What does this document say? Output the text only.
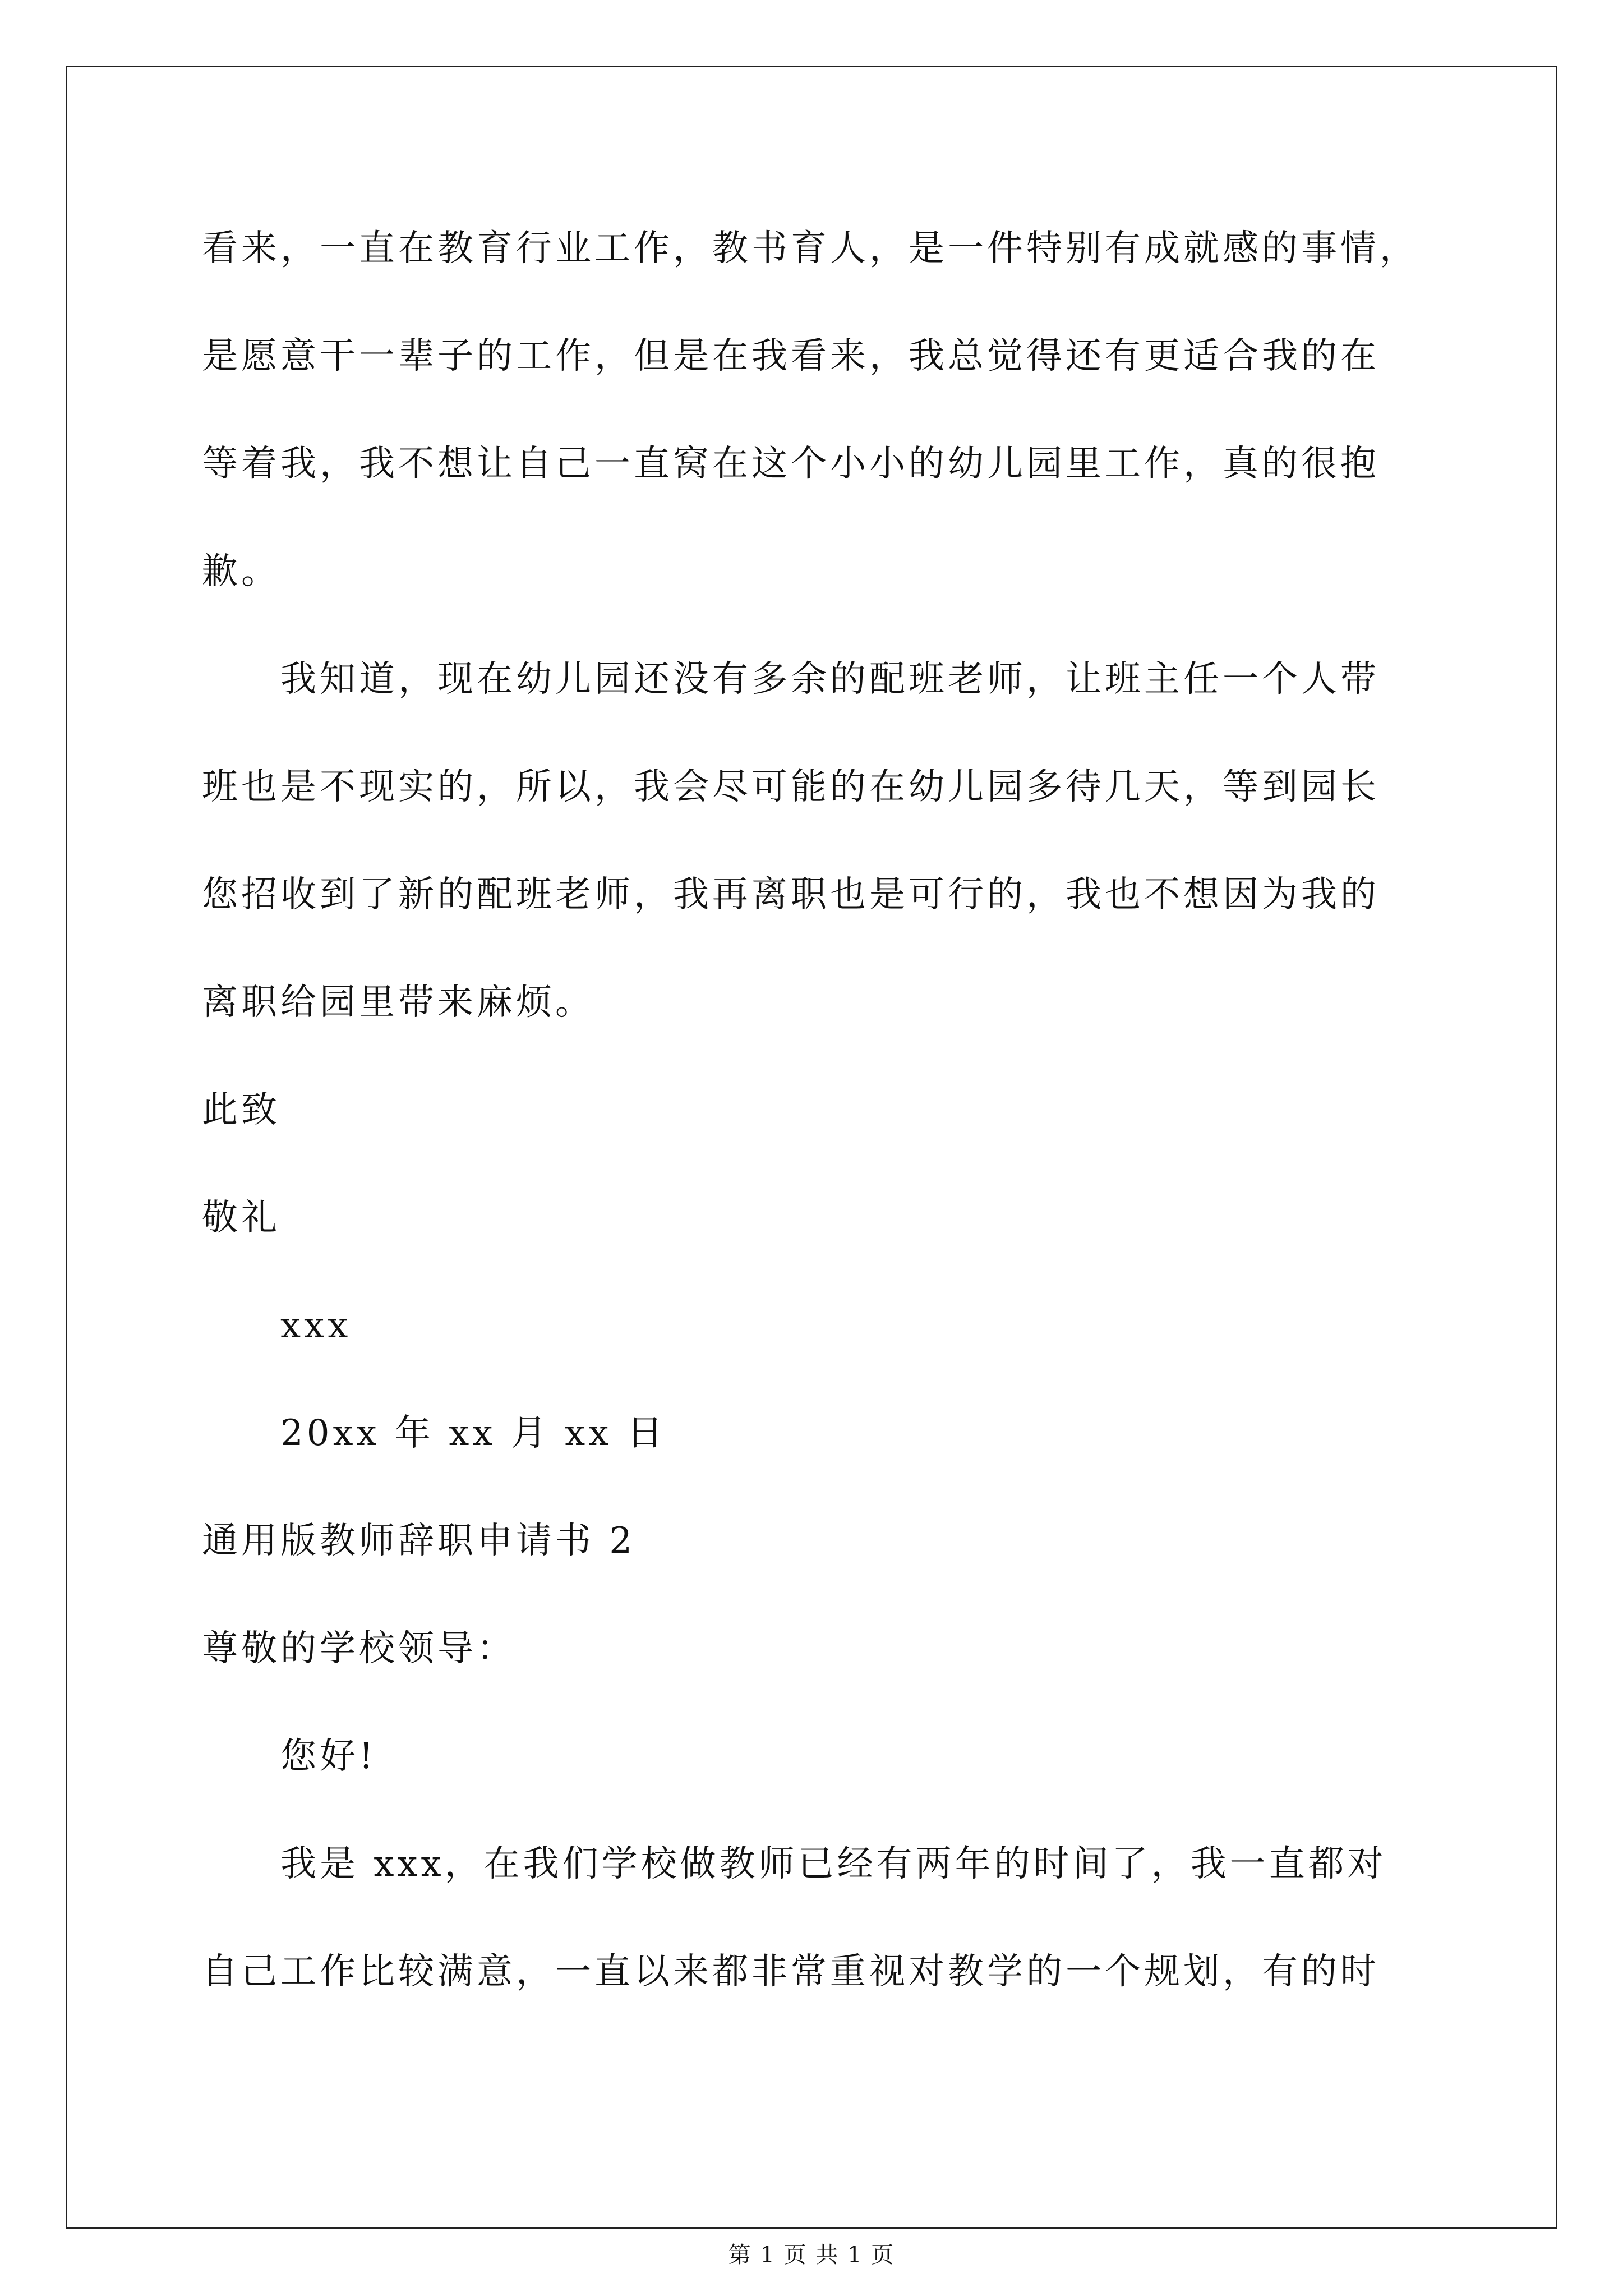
看来，一直在教育行业工作，教书育人，是一件特别有成就感的事情，
是愿意干一辈子的工作，但是在我看来，我总觉得还有更适合我的在
等着我，我不想让自己一直窝在这个小小的幼儿园里工作，真的很抱
歉。
我知道，现在幼儿园还没有多余的配班老师，让班主任一个人带
班也是不现实的，所以，我会尽可能的在幼儿园多待几天，等到园长
您招收到了新的配班老师，我再离职也是可行的，我也不想因为我的
离职给园里带来麻烦。
此致
敬礼
xxx
20xx 年 xx 月 xx 日
通用版教师辞职申请书 2
尊敬的学校领导：
您好!
我是 xxx，在我们学校做教师已经有两年的时间了，我一直都对
自己工作比较满意，一直以来都非常重视对教学的一个规划，有的时
第 1 页 共 1 页
